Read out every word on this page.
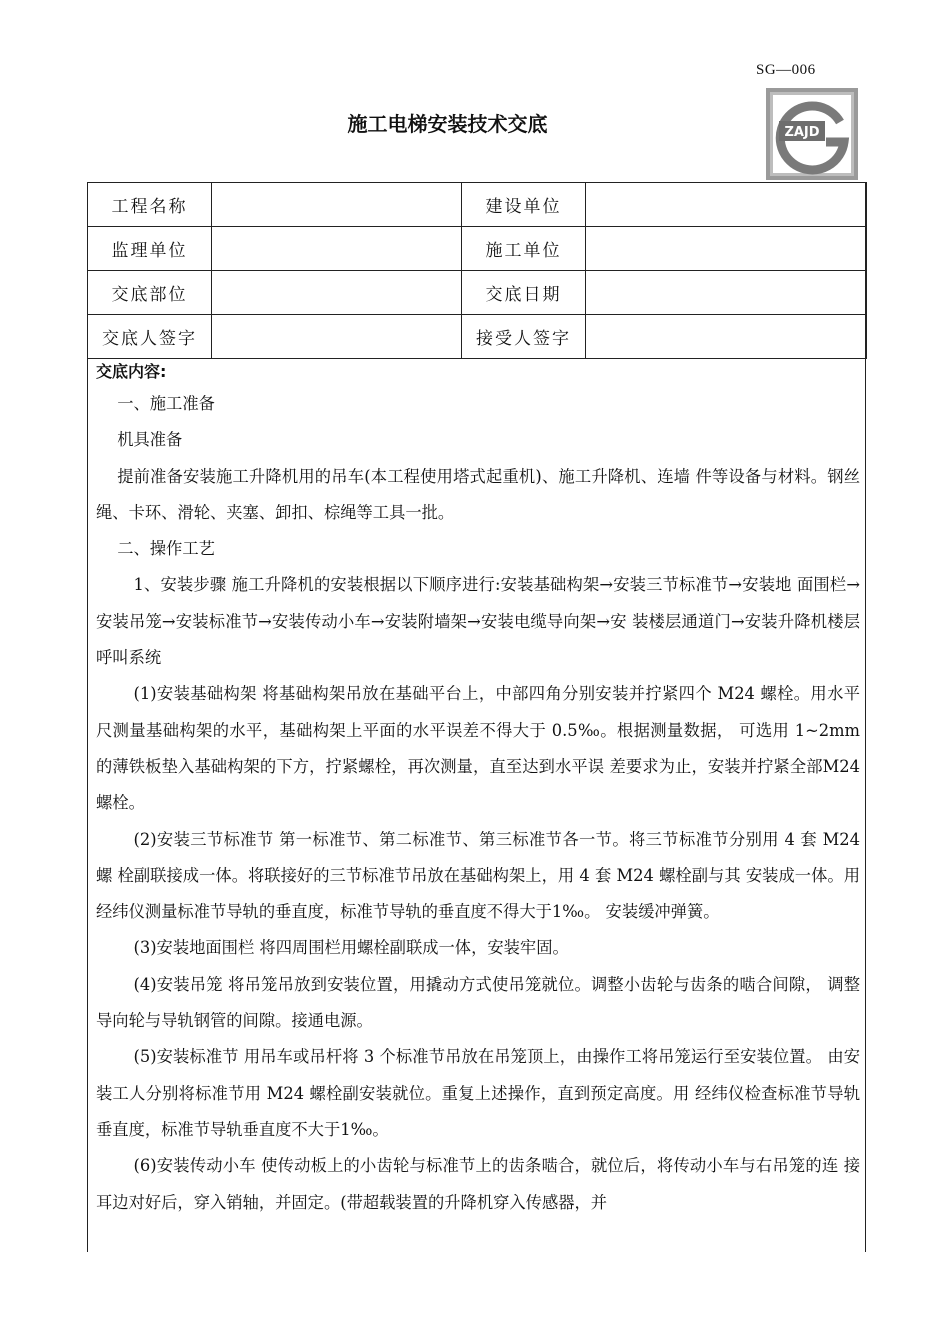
SG—006
施工电梯安装技术交底	ZAJD
工程名称		建设单位	
监理单位		施工单位	
交底部位		交底日期	
交底人签字		接受人签字	
交底内容:

一、施工准备

机具准备

提前准备安装施工升降机用的吊车(本工程使用塔式起重机)、施工升降机、连墙 件等设备与材料。钢丝绳、卡环、滑轮、夹塞、卸扣、棕绳等工具一批。

二、操作工艺

1、安装步骤 施工升降机的安装根据以下顺序进行:安装基础构架→安装三节标准节→安装地 面围栏→安装吊笼→安装标准节→安装传动小车→安装附墙架→安装电缆导向架→安 装楼层通道门→安装升降机楼层呼叫系统

(1)安装基础构架 将基础构架吊放在基础平台上，中部四角分别安装并拧紧四个 M24 螺栓。用水平 尺测量基础构架的水平，基础构架上平面的水平误差不得大于 0.5‰。根据测量数据， 可选用 1~2mm 的薄铁板垫入基础构架的下方，拧紧螺栓，再次测量，直至达到水平误 差要求为止，安装并拧紧全部M24 螺栓。

(2)安装三节标准节 第一标准节、第二标准节、第三标准节各一节。将三节标准节分别用 4 套 M24 螺 栓副联接成一体。将联接好的三节标准节吊放在基础构架上，用 4 套 M24 螺栓副与其 安装成一体。用经纬仪测量标准节导轨的垂直度，标准节导轨的垂直度不得大于1‰。 安装缓冲弹簧。

(3)安装地面围栏 将四周围栏用螺栓副联成一体，安装牢固。

(4)安装吊笼 将吊笼吊放到安装位置，用撬动方式使吊笼就位。调整小齿轮与齿条的啮合间隙， 调整导向轮与导轨钢管的间隙。接通电源。

(5)安装标准节 用吊车或吊杆将 3 个标准节吊放在吊笼顶上，由操作工将吊笼运行至安装位置。 由安装工人分别将标准节用 M24 螺栓副安装就位。重复上述操作，直到预定高度。用 经纬仪检查标准节导轨垂直度，标准节导轨垂直度不大于1‰。

(6)安装传动小车 使传动板上的小齿轮与标准节上的齿条啮合，就位后，将传动小车与右吊笼的连 接耳边对好后，穿入销轴，并固定。(带超载装置的升降机穿入传感器，并
